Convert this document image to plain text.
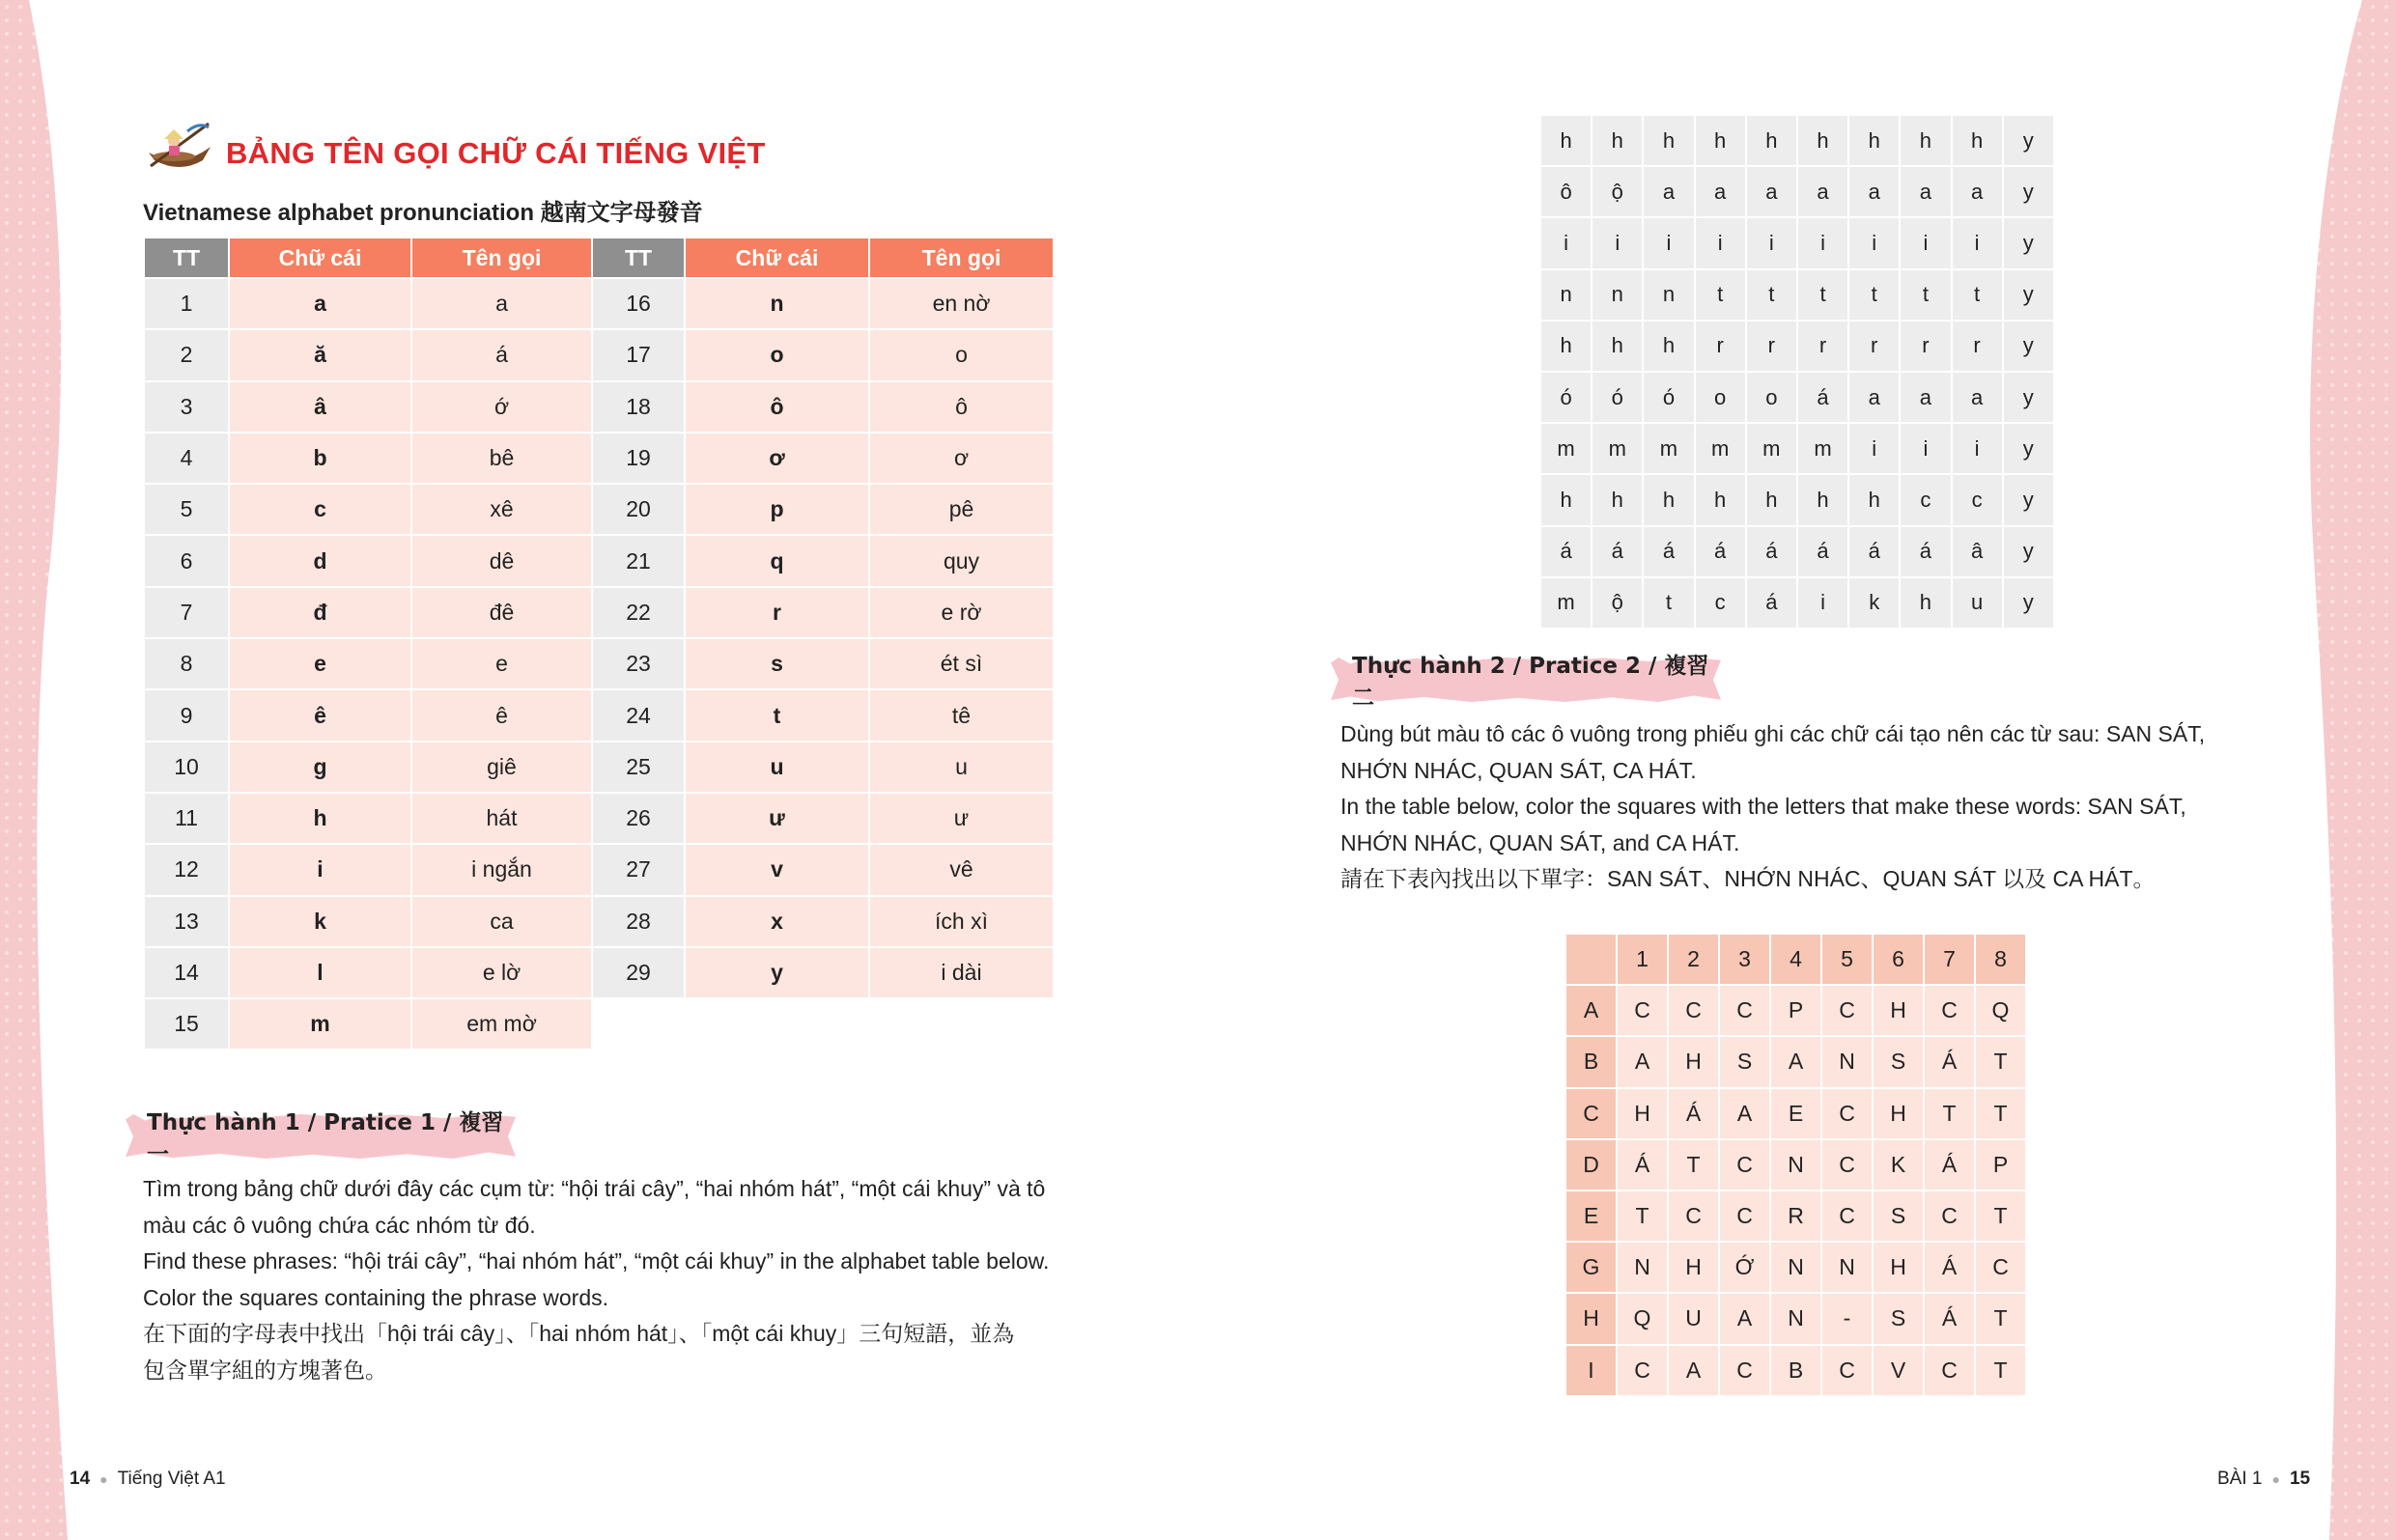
BẢNG TÊN GỌI CHỮ CÁI TIẾNG VIỆT
Vietnamese alphabet pronunciation 越南文字母發音
TT	Chữ cái	Tên gọi	TT	Chữ cái	Tên gọi
1	a	a	16	n	en nờ
2	ă	á	17	o	o
3	â	ớ	18	ô	ô
4	b	bê	19	ơ	ơ
5	c	xê	20	p	pê
6	d	dê	21	q	quy
7	đ	đê	22	r	e rờ
8	e	e	23	s	ét sì
9	ê	ê	24	t	tê
10	g	giê	25	u	u
11	h	hát	26	ư	ư
12	i	i ngắn	27	v	vê
13	k	ca	28	x	ích xì
14	l	e lờ	29	y	i dài
15	m	em mờ			
Thực hành 1 / Pratice 1 / 複習一
Tìm trong bảng chữ dưới đây các cụm từ: “hội trái cây”, “hai nhóm hát”, “một cái khuy” và tô
màu các ô vuông chứa các nhóm từ đó.
Find these phrases: “hội trái cây”, “hai nhóm hát”, “một cái khuy” in the alphabet table below.
Color the squares containing the phrase words.
在下面的字母表中找出「hội trái cây」、「hai nhóm hát」、「một cái khuy」三句短語，並為
包含單字組的方塊著色。
14 ● Tiếng Việt A1
h	h	h	h	h	h	h	h	h	y
ô	ộ	a	a	a	a	a	a	a	y
i	i	i	i	i	i	i	i	i	y
n	n	n	t	t	t	t	t	t	y
h	h	h	r	r	r	r	r	r	y
ó	ó	ó	o	o	á	a	a	a	y
m	m	m	m	m	m	i	i	i	y
h	h	h	h	h	h	h	c	c	y
á	á	á	á	á	á	á	á	â	y
m	ộ	t	c	á	i	k	h	u	y
Thực hành 2 / Pratice 2 / 複習二
Dùng bút màu tô các ô vuông trong phiếu ghi các chữ cái tạo nên các từ sau: SAN SÁT,
NHỚN NHÁC, QUAN SÁT, CA HÁT.
In the table below, color the squares with the letters that make these words: SAN SÁT,
NHỚN NHÁC, QUAN SÁT, and CA HÁT.
請在下表內找出以下單字：SAN SÁT、NHỚN NHÁC、QUAN SÁT 以及 CA HÁT。
	1	2	3	4	5	6	7	8
A	C	C	C	P	C	H	C	Q
B	A	H	S	A	N	S	Á	T
C	H	Á	A	E	C	H	T	T
D	Á	T	C	N	C	K	Á	P
E	T	C	C	R	C	S	C	T
G	N	H	Ớ	N	N	H	Á	C
H	Q	U	A	N	-	S	Á	T
I	C	A	C	B	C	V	C	T
BÀI 1 ● 15
